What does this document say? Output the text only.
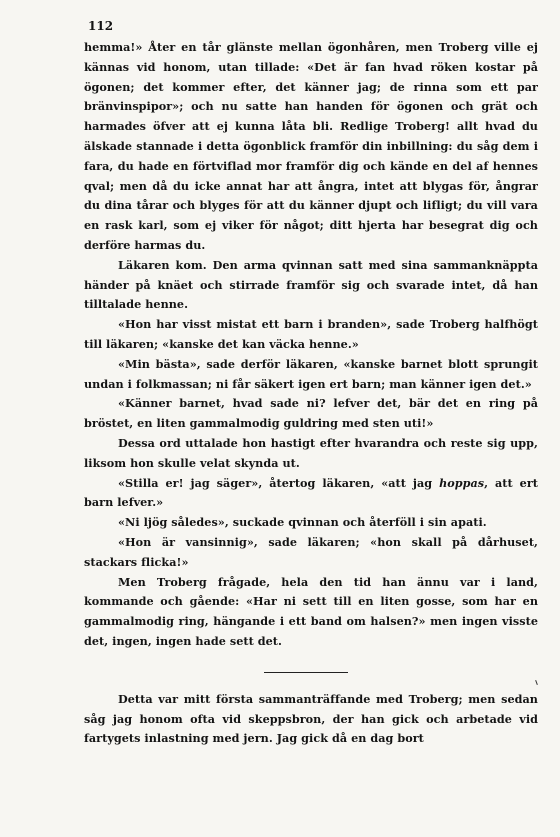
112

hemma!» Åter en tår glänste mellan ögonhåren, men Troberg ville ej kännas vid honom, utan tillade: «Det är fan hvad röken kostar på ögonen; det kommer efter, det känner jag; de rinna som ett par bränvinspipor»; och nu satte han handen för ögonen och grät och harmades öfver att ej kunna låta bli. Redlige Troberg! allt hvad du älskade stannade i detta ögonblick framför din inbillning: du såg dem i fara, du hade en förtviflad mor framför dig och kände en del af hennes qval; men då du icke annat har att ångra, intet att blygas för, ångrar du dina tårar och blyges för att du känner djupt och lifligt; du vill vara en rask karl, som ej viker för något; ditt hjerta har besegrat dig och derföre harmas du.

Läkaren kom. Den arma qvinnan satt med sina sammanknäppta händer på knäet och stirrade framför sig och svarade intet, då han tilltalade henne.

«Hon har visst mistat ett barn i branden», sade Troberg halfhögt till läkaren; «kanske det kan väcka henne.»

«Min bästa», sade derför läkaren, «kanske barnet blott sprungit undan i folkmassan; ni får säkert igen ert barn; man känner igen det.»

«Känner barnet, hvad sade ni? lefver det, bär det en ring på bröstet, en liten gammalmodig guldring med sten uti!»

Dessa ord uttalade hon hastigt efter hvarandra och reste sig upp, liksom hon skulle velat skynda ut.

«Stilla er! jag säger», återtog läkaren, «att jag hoppas, att ert barn lefver.»

«Ni ljög således», suckade qvinnan och återföll i sin apati.

«Hon är vansinnig», sade läkaren; «hon skall på dårhuset, stackars flicka!»

Men Troberg frågade, hela den tid han ännu var i land, kommande och gående: «Har ni sett till en liten gosse, som har en gammalmodig ring, hängande i ett band om halsen?» men ingen visste det, ingen, ingen hade sett det.

Detta var mitt första sammanträffande med Troberg; men sedan såg jag honom ofta vid skeppsbron, der han gick och arbetade vid fartygets inlastning med jern. Jag gick då en dag bort
